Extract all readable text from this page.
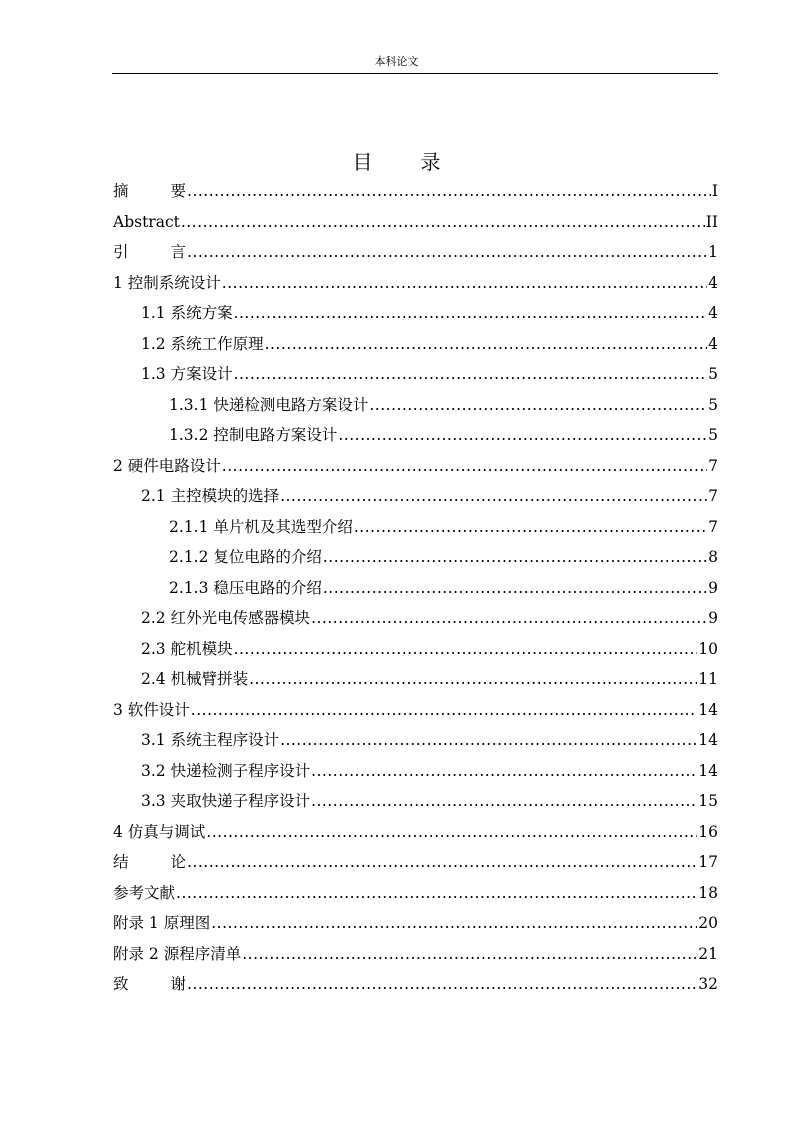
本科论文
目录
摘要 .....	I
Abstract .....	II
引言 .....	1
1 控制系统设计 .....	4
1.1 系统方案 .....	4
1.2 系统工作原理 .....	4
1.3 方案设计 .....	5
1.3.1 快递检测电路方案设计 .....	5
1.3.2 控制电路方案设计 .....	5
2 硬件电路设计 .....	7
2.1 主控模块的选择 .....	7
2.1.1 单片机及其选型介绍 .....	7
2.1.2 复位电路的介绍 .....	8
2.1.3 稳压电路的介绍 .....	9
2.2 红外光电传感器模块 .....	9
2.3 舵机模块 .....	10
2.4 机械臂拼装 .....	11
3 软件设计 .....	14
3.1 系统主程序设计 .....	14
3.2 快递检测子程序设计 .....	14
3.3 夹取快递子程序设计 .....	15
4 仿真与调试 .....	16
结论 .....	17
参考文献 .....	18
附录 1 原理图 .....	20
附录 2 源程序清单 .....	21
致谢 .....	32
